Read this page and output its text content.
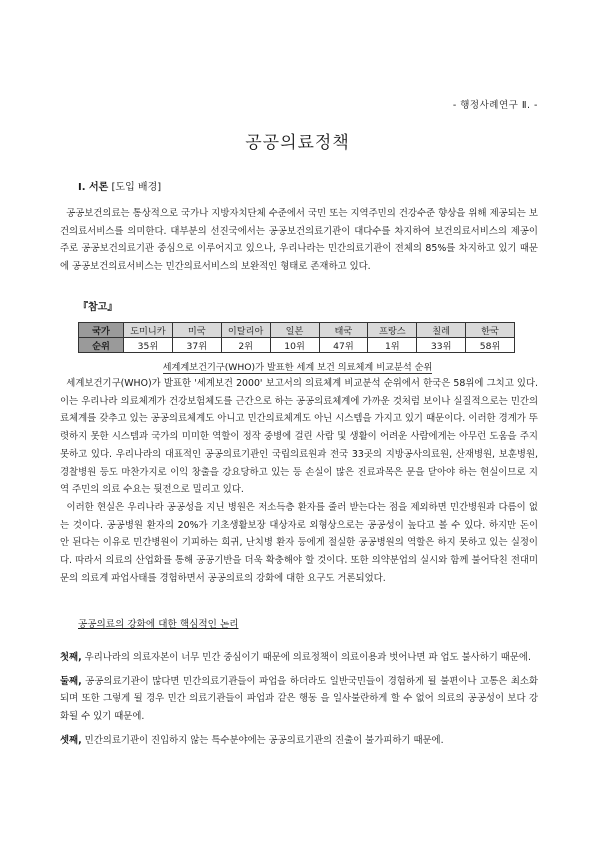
- 행정사례연구 Ⅱ. -
공공의료정책
Ⅰ. 서론 [도입 배경]
공공보건의료는 통상적으로 국가나 지방자치단체 수준에서 국민 또는 지역주민의 건강수준 향상을 위해 제공되는 보건의료서비스를 의미한다. 대부분의 선진국에서는 공공보건의료기관이 대다수를 차지하여 보건의료서비스의 제공이 주로 공공보건의료기관 중심으로 이루어지고 있으나, 우리나라는 민간의료기관이 전체의 85%를 차지하고 있기 때문에 공공보건의료서비스는 민간의료서비스의 보완적인 형태로 존재하고 있다.
『참고』
국가	도미니카	미국	이탈리아	일본	태국	프랑스	칠레	한국
순위	35위	37위	2위	10위	47위	1위	33위	58위
세계계보건기구(WHO)가 발표한 세계 보건 의료체계 비교분석 순위
세계보건기구(WHO)가 발표한 '세계보건 2000' 보고서의 의료체계 비교분석 순위에서 한국은 58위에 그치고 있다. 이는 우리나라 의료체계가 건강보험체도를 근간으로 하는 공공의료체계에 가까운 것처럼 보이나 실질적으로는 민간의료체계를 갖추고 있는 공공의료체계도 아니고 민간의료체계도 아닌 시스템을 가지고 있기 때문이다. 이러한 경계가 뚜렷하지 못한 시스템과 국가의 미미한 역할이 정작 중병에 걸린 사람 및 생활이 어려운 사람에게는 아무런 도움을 주지 못하고 있다. 우리나라의 대표적인 공공의료기관인 국립의료원과 전국 33곳의 지방공사의료원, 산재병원, 보훈병원, 경찰병원 등도 마찬가지로 이익 창출을 강요당하고 있는 등 손실이 많은 진료과목은 문을 닫아야 하는 현실이므로 지역 주민의 의료 수요는 뒷전으로 밀리고 있다.
이러한 현실은 우리나라 공공성을 지닌 병원은 저소득층 환자를 줄러 받는다는 점을 제외하면 민간병원과 다름이 없는 것이다. 공공병원 환자의 20%가 기초생활보장 대상자로 외형상으로는 공공성이 높다고 볼 수 있다. 하지만 돈이 안 된다는 이유로 민간병원이 기피하는 희귀, 난치병 환자 등에게 절실한 공공병원의 역할은 하지 못하고 있는 실정이다. 따라서 의료의 산업화를 통해 공공기반을 더욱 확충해야 할 것이다. 또한 의약분업의 실시와 함께 불어닥친 전대미문의 의료계 파업사태를 경험하면서 공공의료의 강화에 대한 요구도 거론되었다.
공공의료의 강화에 대한 핵심적인 논리

첫째, 우리나라의 의료자본이 너무 민간 중심이기 때문에 의료정책이 의료이용과 벗어나면 파 업도 불사하기 때문에.

둘째, 공공의료기관이 많다면 민간의료기관들이 파업을 하더라도 일반국민들이 경험하게 될 불편이나 고통은 최소화되며 또한 그렇게 될 경우 민간 의료기관들이 파업과 같은 행동 을 일사불란하게 할 수 없어 의료의 공공성이 보다 강화될 수 있기 때문에.

셋째, 민간의료기관이 진입하지 않는 특수분야에는 공공의료기관의 진출이 불가피하기 때문에.
